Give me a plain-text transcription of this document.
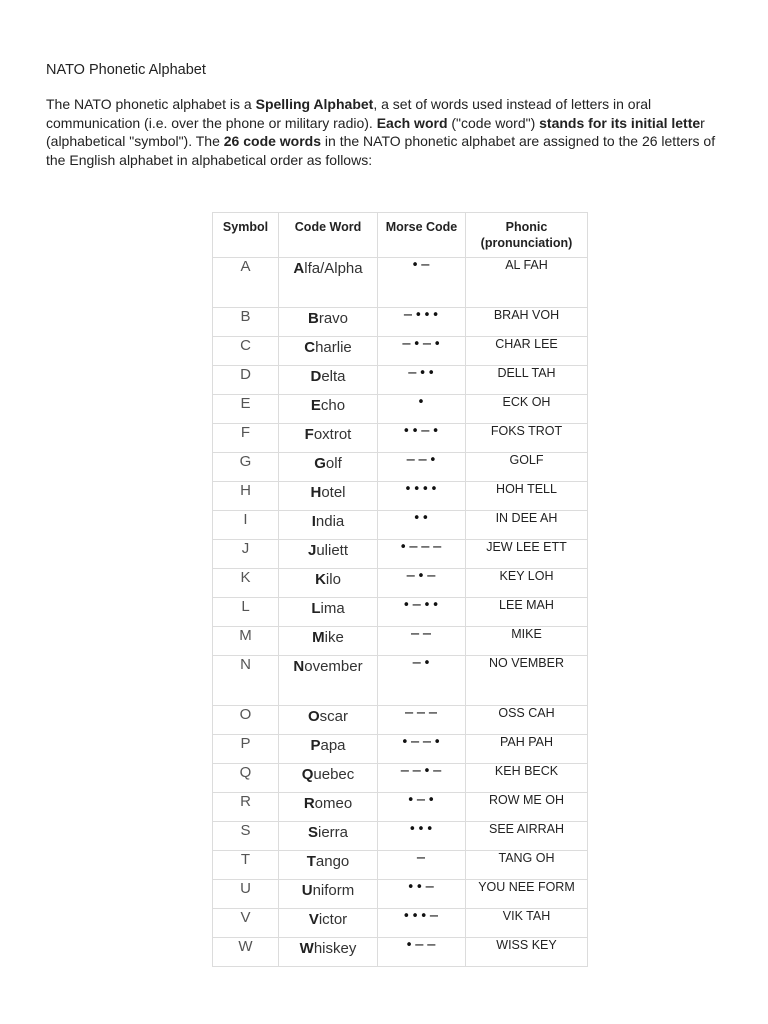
NATO Phonetic Alphabet
The NATO phonetic alphabet is a Spelling Alphabet, a set of words used instead of letters in oral communication (i.e. over the phone or military radio). Each word ("code word") stands for its initial letter (alphabetical "symbol"). The 26 code words in the NATO phonetic alphabet are assigned to the 26 letters of the English alphabet in alphabetical order as follows:
Symbol	Code Word	Morse Code	Phonic (pronunciation)
A	Alfa/Alpha	•−	AL FAH
B	Bravo	−•••	BRAH VOH
C	Charlie	−•−•	CHAR LEE
D	Delta	−••	DELL TAH
E	Echo	•	ECK OH
F	Foxtrot	••−•	FOKS TROT
G	Golf	−−•	GOLF
H	Hotel	••••	HOH TELL
I	India	••	IN DEE AH
J	Juliett	•−−−	JEW LEE ETT
K	Kilo	−•−	KEY LOH
L	Lima	•−••	LEE MAH
M	Mike	−−	MIKE
N	November	−•	NO VEMBER
O	Oscar	−−−	OSS CAH
P	Papa	•−−•	PAH PAH
Q	Quebec	−−•−	KEH BECK
R	Romeo	•−•	ROW ME OH
S	Sierra	•••	SEE AIRRAH
T	Tango	−	TANG OH
U	Uniform	••−	YOU NEE FORM
V	Victor	•••−	VIK TAH
W	Whiskey	•−−	WISS KEY
